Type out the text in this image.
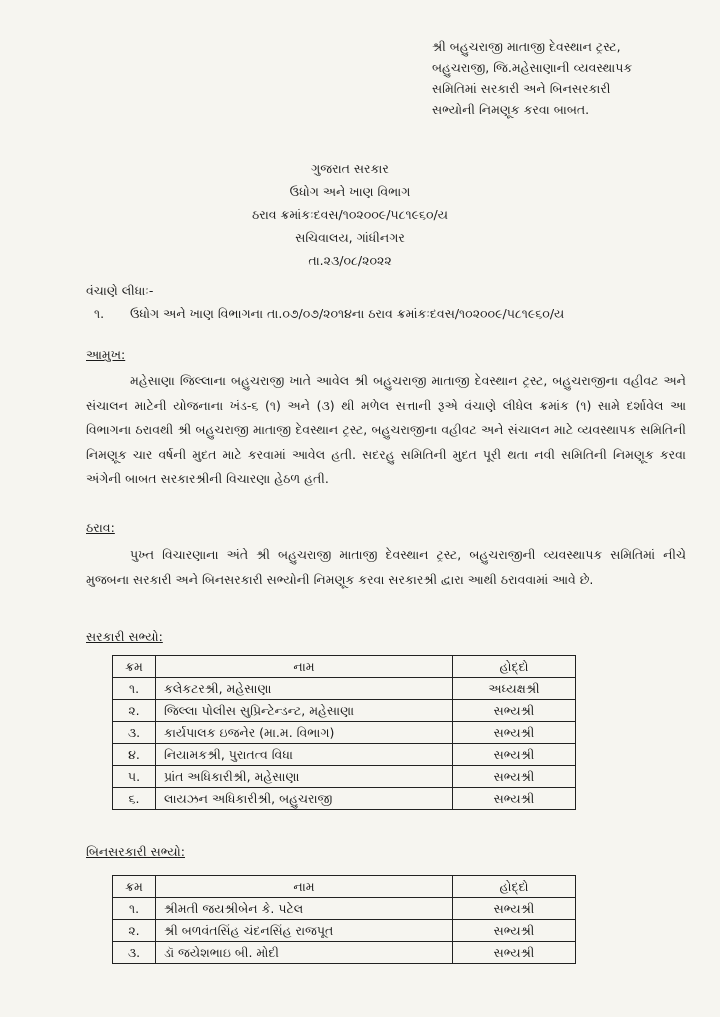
શ્રી બહુચરાજી માતાજી દેવસ્થાન ટ્રસ્ટ,
બહુચરાજી, જિ.મહેસાણાની વ્યવસ્થાપક
સમિતિમાં સરકારી અને બિનસરકારી
સભ્યોની નિમણૂક કરવા બાબત.
ગુજરાત સરકાર
ઉધોગ અને ખાણ વિભાગ
ઠરાવ ક્રમાંકઃદવસ/૧૦૨૦૦૯/૫૮૧૯૬૦/ય
સચિવાલય, ગાંધીનગર
તા.૨૩/૦૮/૨૦૨૨
વંચાણે લીધાઃ-
૧. ઉધોગ અને ખાણ વિભાગના તા.૦૭/૦૭/૨૦૧૪ના ઠરાવ ક્રમાંકઃદવસ/૧૦૨૦૦૯/૫૮૧૯૬૦/ય
આમુખ:
મહેસાણા જિલ્લાના બહુચરાજી ખાતે આવેલ શ્રી બહુચરાજી માતાજી દેવસ્થાન ટ્રસ્ટ, બહુચરાજીના વહીવટ અને સંચાલન માટેની યોજનાના ખંડ-૬ (૧) અને (૩) થી મળેલ સત્તાની રૂએ વંચાણે લીધેલ ક્રમાંક (૧) સામે દર્શાવેલ આ વિભાગના ઠરાવથી શ્રી બહુચરાજી માતાજી દેવસ્થાન ટ્રસ્ટ, બહુચરાજીના વહીવટ અને સંચાલન માટે વ્યવસ્થાપક સમિતિની નિમણૂક ચાર વર્ષની મુદત માટે કરવામાં આવેલ હતી. સદરહુ સમિતિની મુદત પૂરી થતા નવી સમિતિની નિમણૂક કરવા અંગેની બાબત સરકારશ્રીની વિચારણા હેઠળ હતી.
ઠરાવ:
પુખ્ત વિચારણાના અંતે શ્રી બહુચરાજી માતાજી દેવસ્થાન ટ્રસ્ટ, બહુચરાજીની વ્યવસ્થાપક સમિતિમાં નીચે મુજબના સરકારી અને બિનસરકારી સભ્યોની નિમણૂક કરવા સરકારશ્રી દ્વારા આથી ઠરાવવામાં આવે છે.
સરકારી સભ્યો:
ક્રમ	નામ	હોદ્દો
૧.	કલેકટરશ્રી, મહેસાણા	અધ્યક્ષશ્રી
૨.	જિલ્લા પોલીસ સુપ્રિન્ટેન્ડન્ટ, મહેસાણા	સભ્યશ્રી
૩.	કાર્યપાલક ઇજનેર (મા.મ. વિભાગ)	સભ્યશ્રી
૪.	નિયામકશ્રી, પુરાતત્વ વિધા	સભ્યશ્રી
૫.	પ્રાંત અધિકારીશ્રી, મહેસાણા	સભ્યશ્રી
૬.	લાયઝન અધિકારીશ્રી, બહુચરાજી	સભ્યશ્રી
બિનસરકારી સભ્યો:
ક્રમ	નામ	હોદ્દો
૧.	શ્રીમતી જયશ્રીબેન કે. પટેલ	સભ્યશ્રી
૨.	શ્રી બળવંતસિંહ ચંદનસિંહ રાજપૂત	સભ્યશ્રી
૩.	ડૉ જયેશભાઇ બી. મોદી	સભ્યશ્રી
